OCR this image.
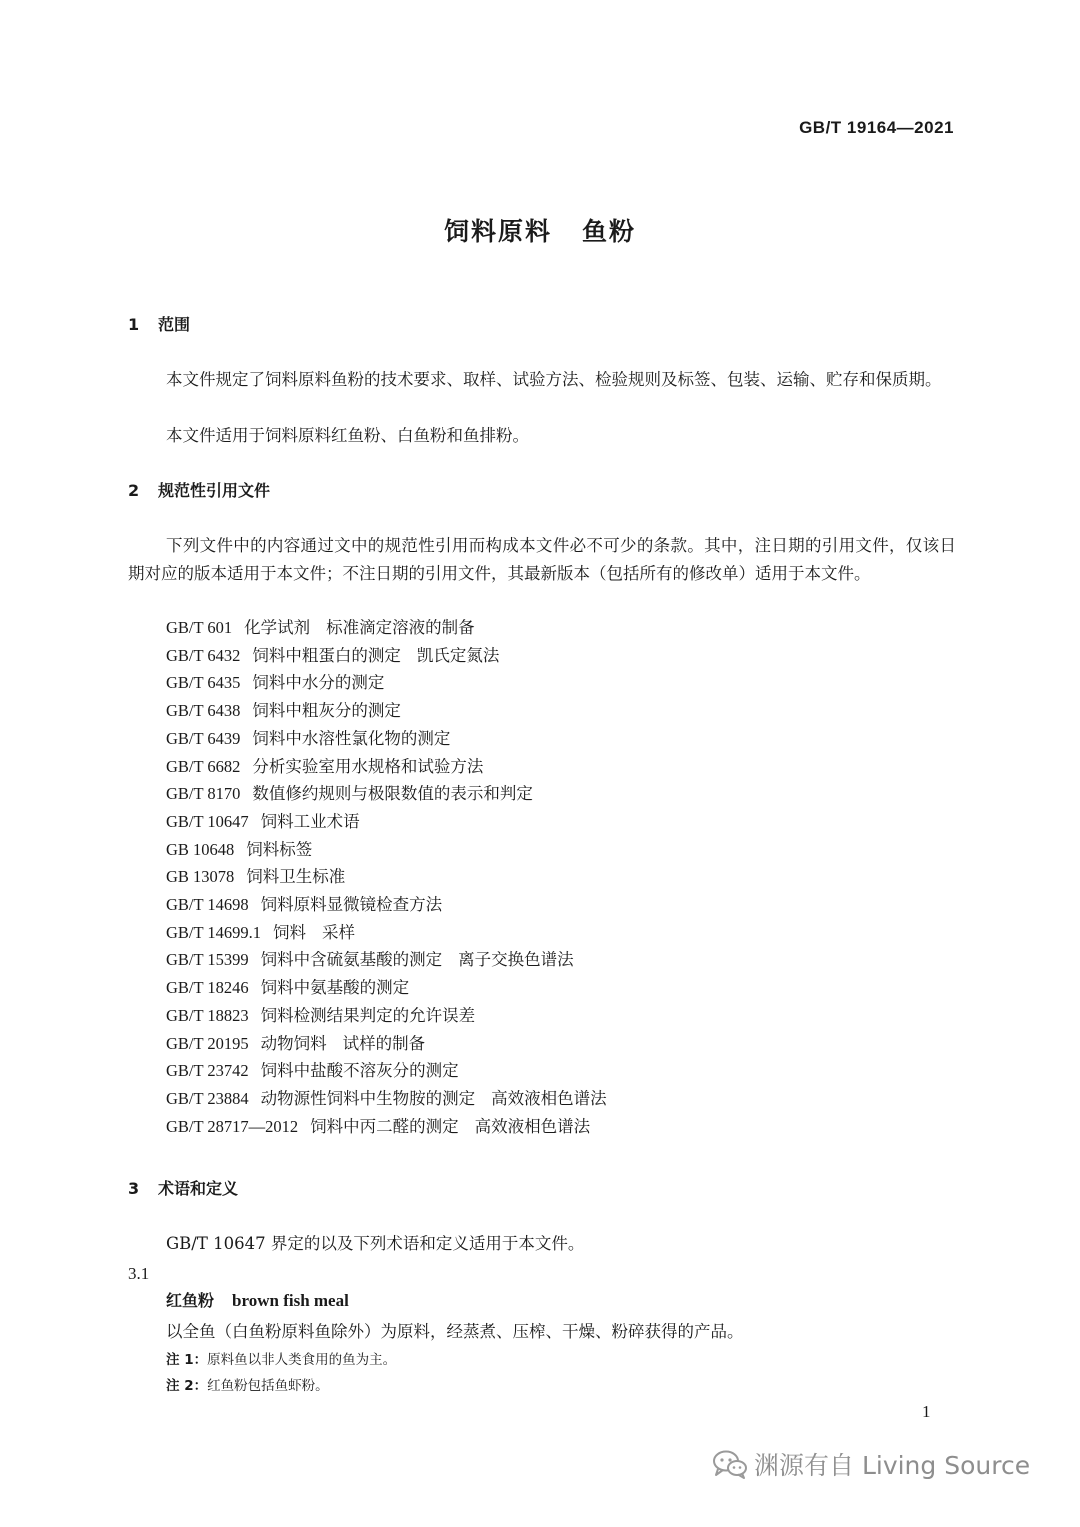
GB/T 19164—2021
饲料原料 鱼粉
1 范围
本文件规定了饲料原料鱼粉的技术要求、取样、试验方法、检验规则及标签、包装、运输、贮存和保质期。
本文件适用于饲料原料红鱼粉、白鱼粉和鱼排粉。
2 规范性引用文件
下列文件中的内容通过文中的规范性引用而构成本文件必不可少的条款。其中，注日期的引用文件，仅该日期对应的版本适用于本文件；不注日期的引用文件，其最新版本（包括所有的修改单）适用于本文件。
GB/T 601 化学试剂 标准滴定溶液的制备
GB/T 6432 饲料中粗蛋白的测定 凯氏定氮法
GB/T 6435 饲料中水分的测定
GB/T 6438 饲料中粗灰分的测定
GB/T 6439 饲料中水溶性氯化物的测定
GB/T 6682 分析实验室用水规格和试验方法
GB/T 8170 数值修约规则与极限数值的表示和判定
GB/T 10647 饲料工业术语
GB 10648 饲料标签
GB 13078 饲料卫生标准
GB/T 14698 饲料原料显微镜检查方法
GB/T 14699.1 饲料 采样
GB/T 15399 饲料中含硫氨基酸的测定 离子交换色谱法
GB/T 18246 饲料中氨基酸的测定
GB/T 18823 饲料检测结果判定的允许误差
GB/T 20195 动物饲料 试样的制备
GB/T 23742 饲料中盐酸不溶灰分的测定
GB/T 23884 动物源性饲料中生物胺的测定 高效液相色谱法
GB/T 28717—2012 饲料中丙二醛的测定 高效液相色谱法
3 术语和定义
GB/T 10647 界定的以及下列术语和定义适用于本文件。
3.1
红鱼粉 brown fish meal
以全鱼（白鱼粉原料鱼除外）为原料，经蒸煮、压榨、干燥、粉碎获得的产品。
注 1：原料鱼以非人类食用的鱼为主。
注 2：红鱼粉包括鱼虾粉。
1
渊源有自 Living Source
